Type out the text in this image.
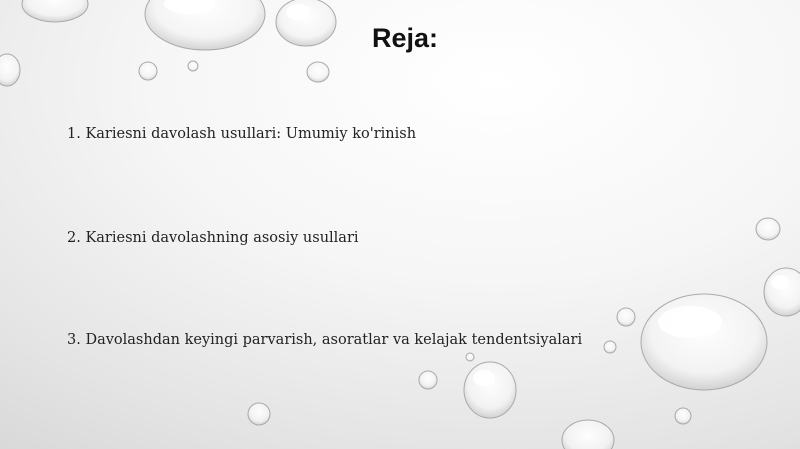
Reja:

1. Kariesni davolash usullari: Umumiy ko'rinish

2. Kariesni davolashning asosiy usullari

3. Davolashdan keyingi parvarish, asoratlar va kelajak tendentsiyalari
